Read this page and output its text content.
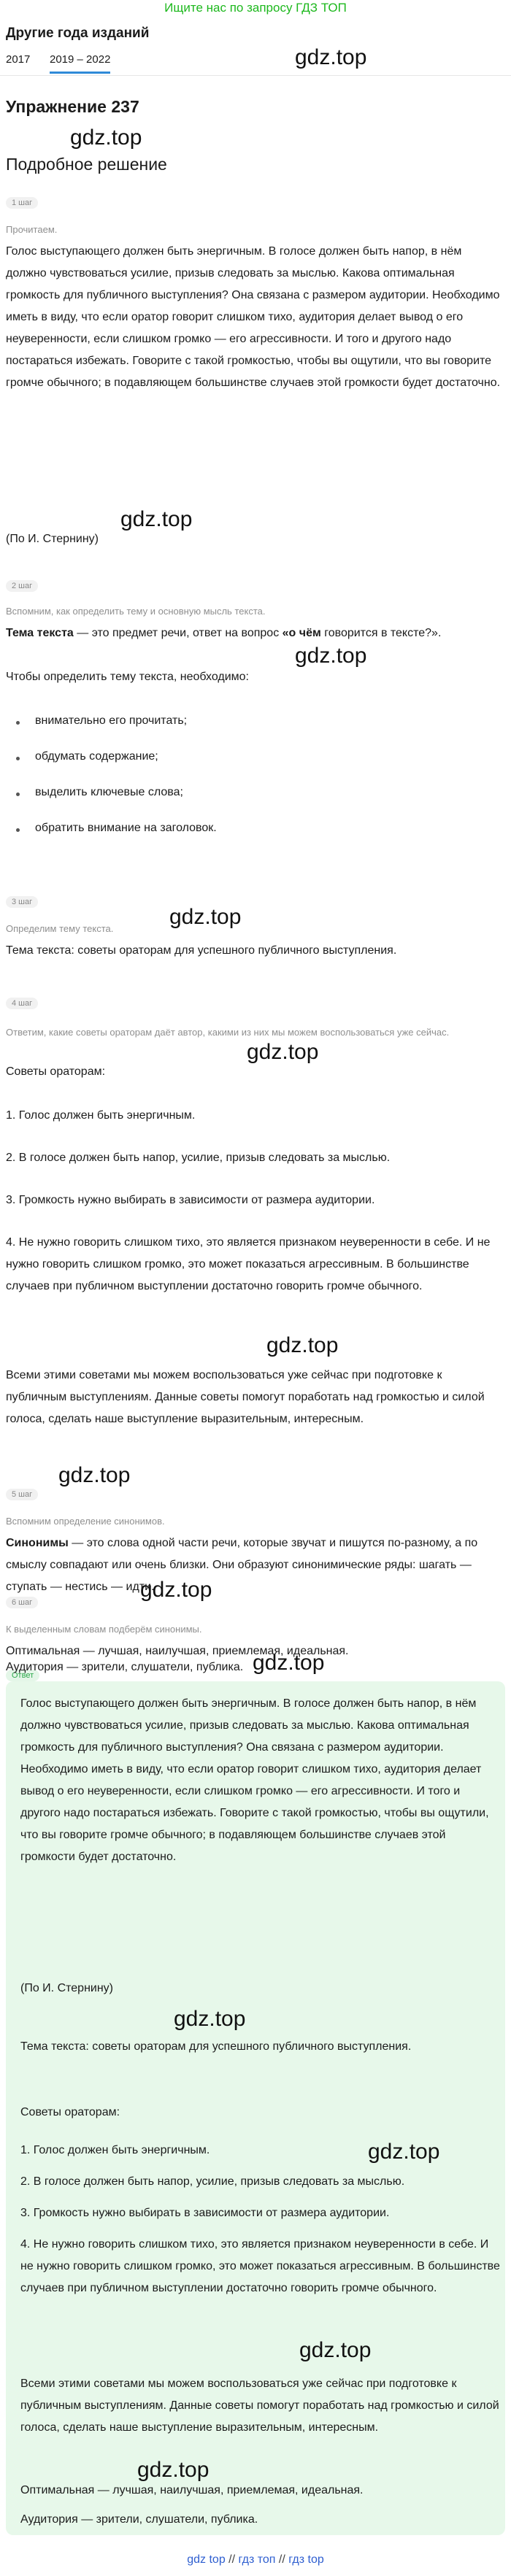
Ищите нас по запросу ГДЗ ТОП
Другие года изданий
2017 2019 – 2022	gdz.top
Упражнение 237
gdz.top
Подробное решение
1 шаг
Прочитаем.
Голос выступающего должен быть энергичным. В голосе должен быть напор, в нём должно чувствоваться усилие, призыв следовать за мыслью. Какова оптимальная громкость для публичного выступления? Она связана с размером аудитории. Необходимо иметь в виду, что если оратор говорит слишком тихо, аудитория делает вывод о его неуверенности, если слишком громко — его агрессивности. И того и другого надо постараться избежать. Говорите с такой громкостью, чтобы вы ощутили, что вы говорите громче обычного; в подавляющем большинстве случаев этой громкости будет достаточно.
(По И. Стернину)
gdz.top
2 шаг
Вспомним, как определить тему и основную мысль текста.
Тема текста — это предмет речи, ответ на вопрос «о чём говорится в тексте?».
Чтобы определить тему текста, необходимо:
внимательно его прочитать;
обдумать содержание;
выделить ключевые слова;
обратить внимание на заголовок.
gdz.top
3 шаг
Определим тему текста.
Тема текста: советы ораторам для успешного публичного выступления.
gdz.top
4 шаг
Ответим, какие советы ораторам даёт автор, какими из них мы можем воспользоваться уже сейчас.
Советы ораторам:
1. Голос должен быть энергичным.
2. В голосе должен быть напор, усилие, призыв следовать за мыслью.
3. Громкость нужно выбирать в зависимости от размера аудитории.
4. Не нужно говорить слишком тихо, это является признаком неуверенности в себе. И не нужно говорить слишком громко, это может показаться агрессивным. В большинстве случаев при публичном выступлении достаточно говорить громче обычного.
Всеми этими советами мы можем воспользоваться уже сейчас при подготовке к публичным выступлениям. Данные советы помогут поработать над громкостью и силой голоса, сделать наше выступление выразительным, интересным.
gdz.top
gdz.top
5 шаг
Вспомним определение синонимов.
Синонимы — это слова одной части речи, которые звучат и пишутся по-разному, а по смыслу совпадают или очень близки. Они образуют синонимические ряды: шагать — ступать — нестись — идти.
gdz.top
6 шаг
К выделенным словам подберём синонимы.
Оптимальная — лучшая, наилучшая, приемлемая, идеальная.
gdz.top
Ответ
gdz.top
Голос выступающего должен быть энергичным. В голосе должен быть напор, в нём должно чувствоваться усилие, призыв следовать за мыслью. Какова оптимальная громкость для публичного выступления? Она связана с размером аудитории. Необходимо иметь в виду, что если оратор говорит слишком тихо, аудитория делает вывод о его неуверенности, если слишком громко — его агрессивности. И того и другого надо постараться избежать. Говорите с такой громкостью, чтобы вы ощутили, что вы говорите громче обычного; в подавляющем большинстве случаев этой громкости будет достаточно.
(По И. Стернину)
Тема текста: советы ораторам для успешного публичного выступления.
gdz.top
Советы ораторам:
1. Голос должен быть энергичным.
2. В голосе должен быть напор, усилие, призыв следовать за мыслью.
3. Громкость нужно выбирать в зависимости от размера аудитории.
4. Не нужно говорить слишком тихо, это является признаком неуверенности в себе. И не нужно говорить слишком громко, это может показаться агрессивным. В большинстве случаев при публичном выступлении достаточно говорить громче обычного.
gdz.top
gdz.top
Всеми этими советами мы можем воспользоваться уже сейчас при подготовке к публичным выступлениям. Данные советы помогут поработать над громкостью и силой голоса, сделать наше выступление выразительным, интересным.
gdz.top
Оптимальная — лучшая, наилучшая, приемлемая, идеальная.
Аудитория — зрители, слушатели, публика.
gdz top // гдз топ // гдз top
Аудитория — зрители, слушатели, публика.
